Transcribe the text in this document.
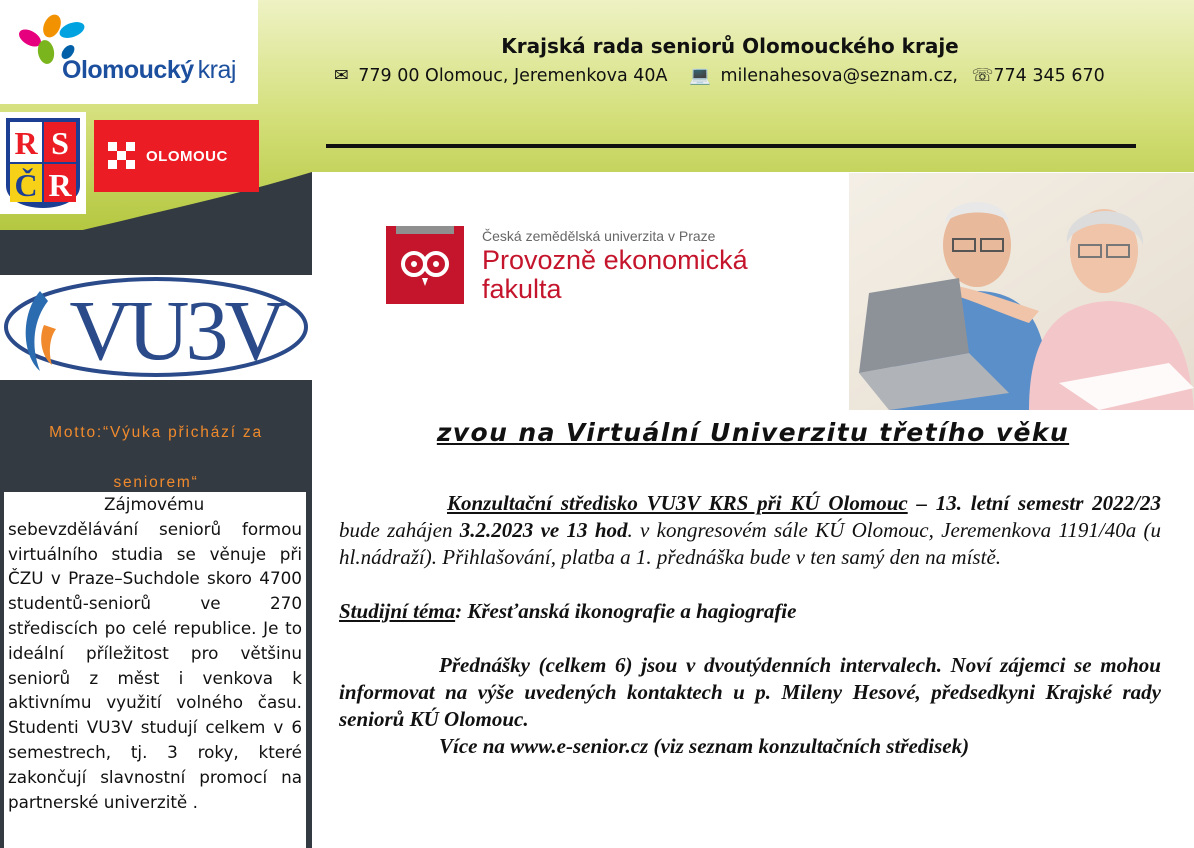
Olomoucký kraj
R S
Č R
OLOMOUC
VU3V
Krajská rada seniorů Olomouckého kraje
✉ 779 00 Olomouc, Jeremenkova 40A 💻 milenahesova@seznam.cz, ☏774 345 670
Česká zemědělská univerzita v Praze
Provozně ekonomická
fakulta
Motto:“Výuka přichází za
seniorem“

Zájmovému sebevzdělávání seniorů formou virtuálního studia se věnuje při ČZU v Praze–Suchdole skoro 4700 studentů-seniorů ve 270 střediscích po celé republice. Je to ideální příležitost pro většinu seniorů z měst i venkova k aktivnímu využití volného času. Studenti VU3V studují celkem v 6 semestrech, tj. 3 roky, které zakončují slavnostní promocí na partnerské univerzitě .

zvou na Virtuální Univerzitu třetího věku

Konzultační středisko VU3V KRS při KÚ Olomouc – 13. letní semestr 2022/23 bude zahájen 3.2.2023 ve 13 hod. v kongresovém sále KÚ Olomouc, Jeremenkova 1191/40a (u hl.nádraží). Přihlašování, platba a 1. přednáška bude v ten samý den na místě.

Studijní téma: Křesťanská ikonografie a hagiografie

Přednášky (celkem 6) jsou v dvoutýdenních intervalech. Noví zájemci se mohou informovat na výše uvedených kontaktech u p. Mileny Hesové, předsedkyni Krajské rady seniorů KÚ Olomouc.

Více na www.e-senior.cz (viz seznam konzultačních středisek)
